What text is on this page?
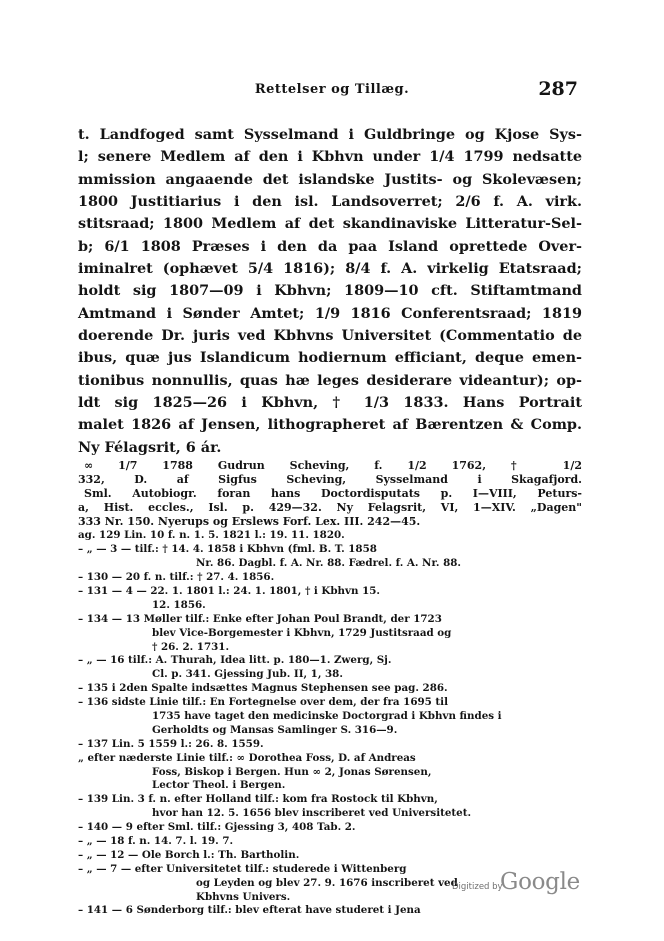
Rettelser og Tillæg.	287
t. Landfoged samt Sysselmand i Guldbringe og Kjose Sys-
l; senere Medlem af den i Kbhvn under 1/4 1799 nedsatte
mmission angaaende det islandske Justits- og Skolevæsen;
1800 Justitiarius i den isl. Landsoverret; 2/6 f. A. virk.
stitsraad; 1800 Medlem af det skandinaviske Litteratur-Sel-
b; 6/1 1808 Præses i den da paa Island oprettede Over-
iminalret (ophævet 5/4 1816); 8/4 f. A. virkelig Etatsraad;
holdt sig 1807—09 i Kbhvn; 1809—10 cft. Stiftamtmand
Amtmand i Sønder Amtet; 1/9 1816 Conferentsraad; 1819
doerende Dr. juris ved Kbhvns Universitet (Commentatio de
ibus, quæ jus Islandicum hodiernum efficiant, deque emen-
tionibus nonnullis, quas hæ leges desiderare videantur); op-
ldt sig 1825—26 i Kbhvn, † 1/3 1833. Hans Portrait
malet 1826 af Jensen, lithographeret af Bærentzen & Comp.
Ny Félagsrit, 6 ár.
∞ 1/7 1788 Gudrun Scheving, f. 1/2 1762, † 1/2
332, D. af Sigfus Scheving, Sysselmand i Skagafjord.
Sml. Autobiogr. foran hans Doctordisputats p. I—VIII, Peturs-
a, Hist. eccles., Isl. p. 429—32. Ny Felagsrit, VI, 1—XIV. „Dagen"
333 Nr. 150. Nyerups og Erslews Forf. Lex. III. 242—45.
ag. 129 Lin. 10 f. n. 1. 5. 1821 l.: 19. 11. 1820.
– „ — 3 — tilf.: † 14. 4. 1858 i Kbhvn (fml. B. T. 1858
Nr. 86. Dagbl. f. A. Nr. 88. Fædrel. f. A. Nr. 88.
– 130 — 20 f. n. tilf.: † 27. 4. 1856.
– 131 — 4 — 22. 1. 1801 l.: 24. 1. 1801, † i Kbhvn 15.
12. 1856.
– 134 — 13 Møller tilf.: Enke efter Johan Poul Brandt, der 1723
blev Vice-Borgemester i Kbhvn, 1729 Justitsraad og
† 26. 2. 1731.
– „ — 16 tilf.: A. Thurah, Idea litt. p. 180—1. Zwerg, Sj.
Cl. p. 341. Gjessing Jub. II, 1, 38.
– 135 i 2den Spalte indsættes Magnus Stephensen see pag. 286.
– 136 sidste Linie tilf.: En Fortegnelse over dem, der fra 1695 til
1735 have taget den medicinske Doctorgrad i Kbhvn findes i
Gerholdts og Mansas Samlinger S. 316—9.
– 137 Lin. 5 1559 l.: 26. 8. 1559.
„ efter næderste Linie tilf.: ∞ Dorothea Foss, D. af Andreas
Foss, Biskop i Bergen. Hun ∞ 2, Jonas Sørensen,
Lector Theol. i Bergen.
– 139 Lin. 3 f. n. efter Holland tilf.: kom fra Rostock til Kbhvn,
hvor han 12. 5. 1656 blev inscriberet ved Universitetet.
– 140 — 9 efter Sml. tilf.: Gjessing 3, 408 Tab. 2.
– „ — 18 f. n. 14. 7. l. 19. 7.
– „ — 12 — Ole Borch l.: Th. Bartholin.
– „ — 7 — efter Universitetet tilf.: studerede i Wittenberg
og Leyden og blev 27. 9. 1676 inscriberet ved
Kbhvns Univers.
– 141 — 6 Sønderborg tilf.: blev efterat have studeret i Jena
Digitized by
Google
